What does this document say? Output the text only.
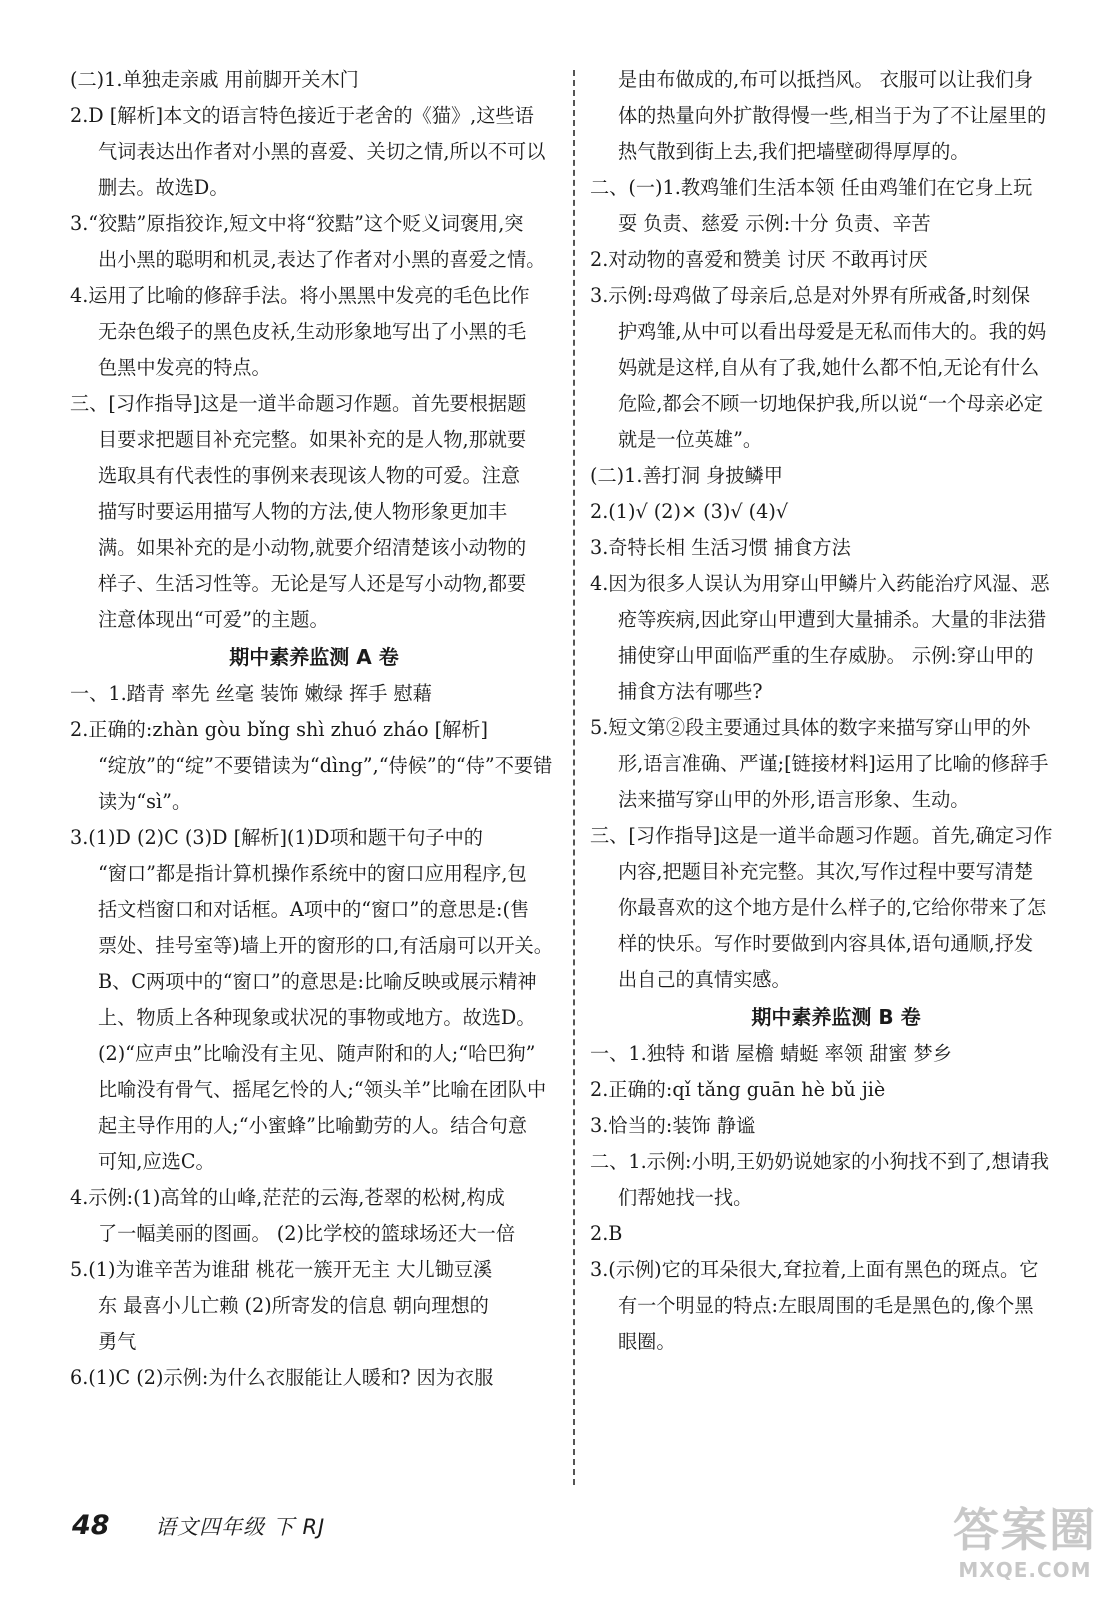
(二)1.单独走亲戚 用前脚开关木门
2.D [解析]本文的语言特色接近于老舍的《猫》,这些语
气词表达出作者对小黑的喜爱、关切之情,所以不可以
删去。故选D。
3.“狡黠”原指狡诈,短文中将“狡黠”这个贬义词褒用,突
出小黑的聪明和机灵,表达了作者对小黑的喜爱之情。
4.运用了比喻的修辞手法。将小黑黑中发亮的毛色比作
无杂色缎子的黑色皮袄,生动形象地写出了小黑的毛
色黑中发亮的特点。
三、[习作指导]这是一道半命题习作题。首先要根据题
目要求把题目补充完整。如果补充的是人物,那就要
选取具有代表性的事例来表现该人物的可爱。注意
描写时要运用描写人物的方法,使人物形象更加丰
满。如果补充的是小动物,就要介绍清楚该小动物的
样子、生活习性等。无论是写人还是写小动物,都要
注意体现出“可爱”的主题。
期中素养监测 A 卷
一、1.踏青 率先 丝毫 装饰 嫩绿 挥手 慰藉
2.正确的:zhàn gòu bǐng shì zhuó zháo [解析]
“绽放”的“绽”不要错读为“dìng”,“侍候”的“侍”不要错
读为“sì”。
3.(1)D (2)C (3)D [解析](1)D项和题干句子中的
“窗口”都是指计算机操作系统中的窗口应用程序,包
括文档窗口和对话框。A项中的“窗口”的意思是:(售
票处、挂号室等)墙上开的窗形的口,有活扇可以开关。
B、C两项中的“窗口”的意思是:比喻反映或展示精神
上、物质上各种现象或状况的事物或地方。故选D。
(2)“应声虫”比喻没有主见、随声附和的人;“哈巴狗”
比喻没有骨气、摇尾乞怜的人;“领头羊”比喻在团队中
起主导作用的人;“小蜜蜂”比喻勤劳的人。结合句意
可知,应选C。
4.示例:(1)高耸的山峰,茫茫的云海,苍翠的松树,构成
了一幅美丽的图画。 (2)比学校的篮球场还大一倍
5.(1)为谁辛苦为谁甜 桃花一簇开无主 大儿锄豆溪
东 最喜小儿亡赖 (2)所寄发的信息 朝向理想的
勇气
6.(1)C (2)示例:为什么衣服能让人暖和? 因为衣服
是由布做成的,布可以抵挡风。 衣服可以让我们身
体的热量向外扩散得慢一些,相当于为了不让屋里的
热气散到街上去,我们把墙壁砌得厚厚的。
二、(一)1.教鸡雏们生活本领 任由鸡雏们在它身上玩
耍 负责、慈爱 示例:十分 负责、辛苦
2.对动物的喜爱和赞美 讨厌 不敢再讨厌
3.示例:母鸡做了母亲后,总是对外界有所戒备,时刻保
护鸡雏,从中可以看出母爱是无私而伟大的。我的妈
妈就是这样,自从有了我,她什么都不怕,无论有什么
危险,都会不顾一切地保护我,所以说“一个母亲必定
就是一位英雄”。
(二)1.善打洞 身披鳞甲
2.(1)√ (2)× (3)√ (4)√
3.奇特长相 生活习惯 捕食方法
4.因为很多人误认为用穿山甲鳞片入药能治疗风湿、恶
疮等疾病,因此穿山甲遭到大量捕杀。大量的非法猎
捕使穿山甲面临严重的生存威胁。 示例:穿山甲的
捕食方法有哪些?
5.短文第②段主要通过具体的数字来描写穿山甲的外
形,语言准确、严谨;[链接材料]运用了比喻的修辞手
法来描写穿山甲的外形,语言形象、生动。
三、[习作指导]这是一道半命题习作题。首先,确定习作
内容,把题目补充完整。其次,写作过程中要写清楚
你最喜欢的这个地方是什么样子的,它给你带来了怎
样的快乐。写作时要做到内容具体,语句通顺,抒发
出自己的真情实感。
期中素养监测 B 卷
一、1.独特 和谐 屋檐 蜻蜓 率领 甜蜜 梦乡
2.正确的:qǐ tǎng guān hè bǔ jiè
3.恰当的:装饰 静谧
二、1.示例:小明,王奶奶说她家的小狗找不到了,想请我
们帮她找一找。
2.B
3.(示例)它的耳朵很大,耷拉着,上面有黑色的斑点。它
有一个明显的特点:左眼周围的毛是黑色的,像个黑
眼圈。
48 语文四年级 下 RJ	答案圈
MXQE.COM
